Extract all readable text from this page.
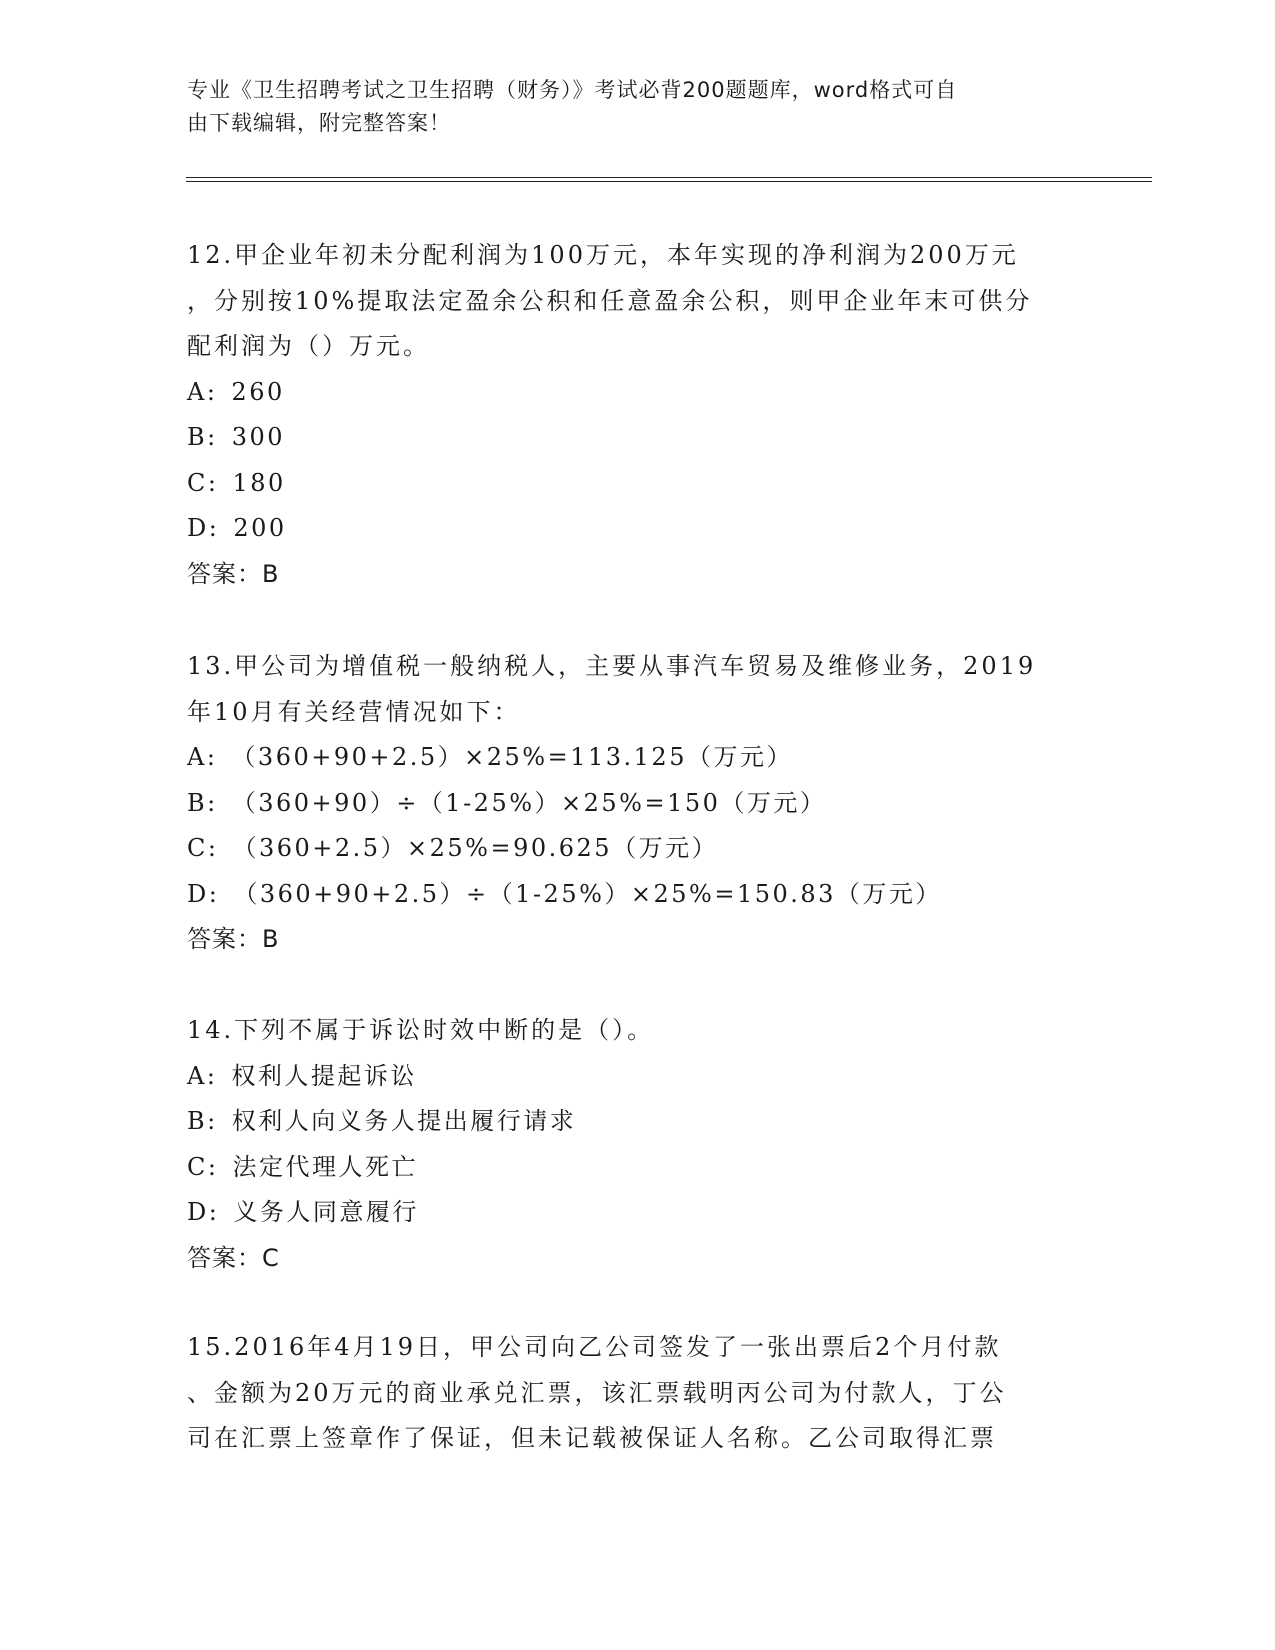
专业《卫生招聘考试之卫生招聘（财务）》考试必背200题题库，word格式可自
由下载编辑，附完整答案！

12.甲企业年初未分配利润为100万元，本年实现的净利润为200万元

，分别按10%提取法定盈余公积和任意盈余公积，则甲企业年末可供分

配利润为（）万元。

A: 260

B: 300

C: 180

D: 200

答案：B

13.甲公司为增值税一般纳税人，主要从事汽车贸易及维修业务，2019

年10月有关经营情况如下：

A: （360+90+2.5）×25%=113.125（万元）

B: （360+90）÷（1-25%）×25%=150（万元）

C: （360+2.5）×25%=90.625（万元）

D: （360+90+2.5）÷（1-25%）×25%=150.83（万元）

答案：B

14.下列不属于诉讼时效中断的是（）。

A: 权利人提起诉讼

B: 权利人向义务人提出履行请求

C: 法定代理人死亡

D: 义务人同意履行

答案：C

15.2016年4月19日，甲公司向乙公司签发了一张出票后2个月付款

、金额为20万元的商业承兑汇票，该汇票载明丙公司为付款人，丁公

司在汇票上签章作了保证，但未记载被保证人名称。乙公司取得汇票
